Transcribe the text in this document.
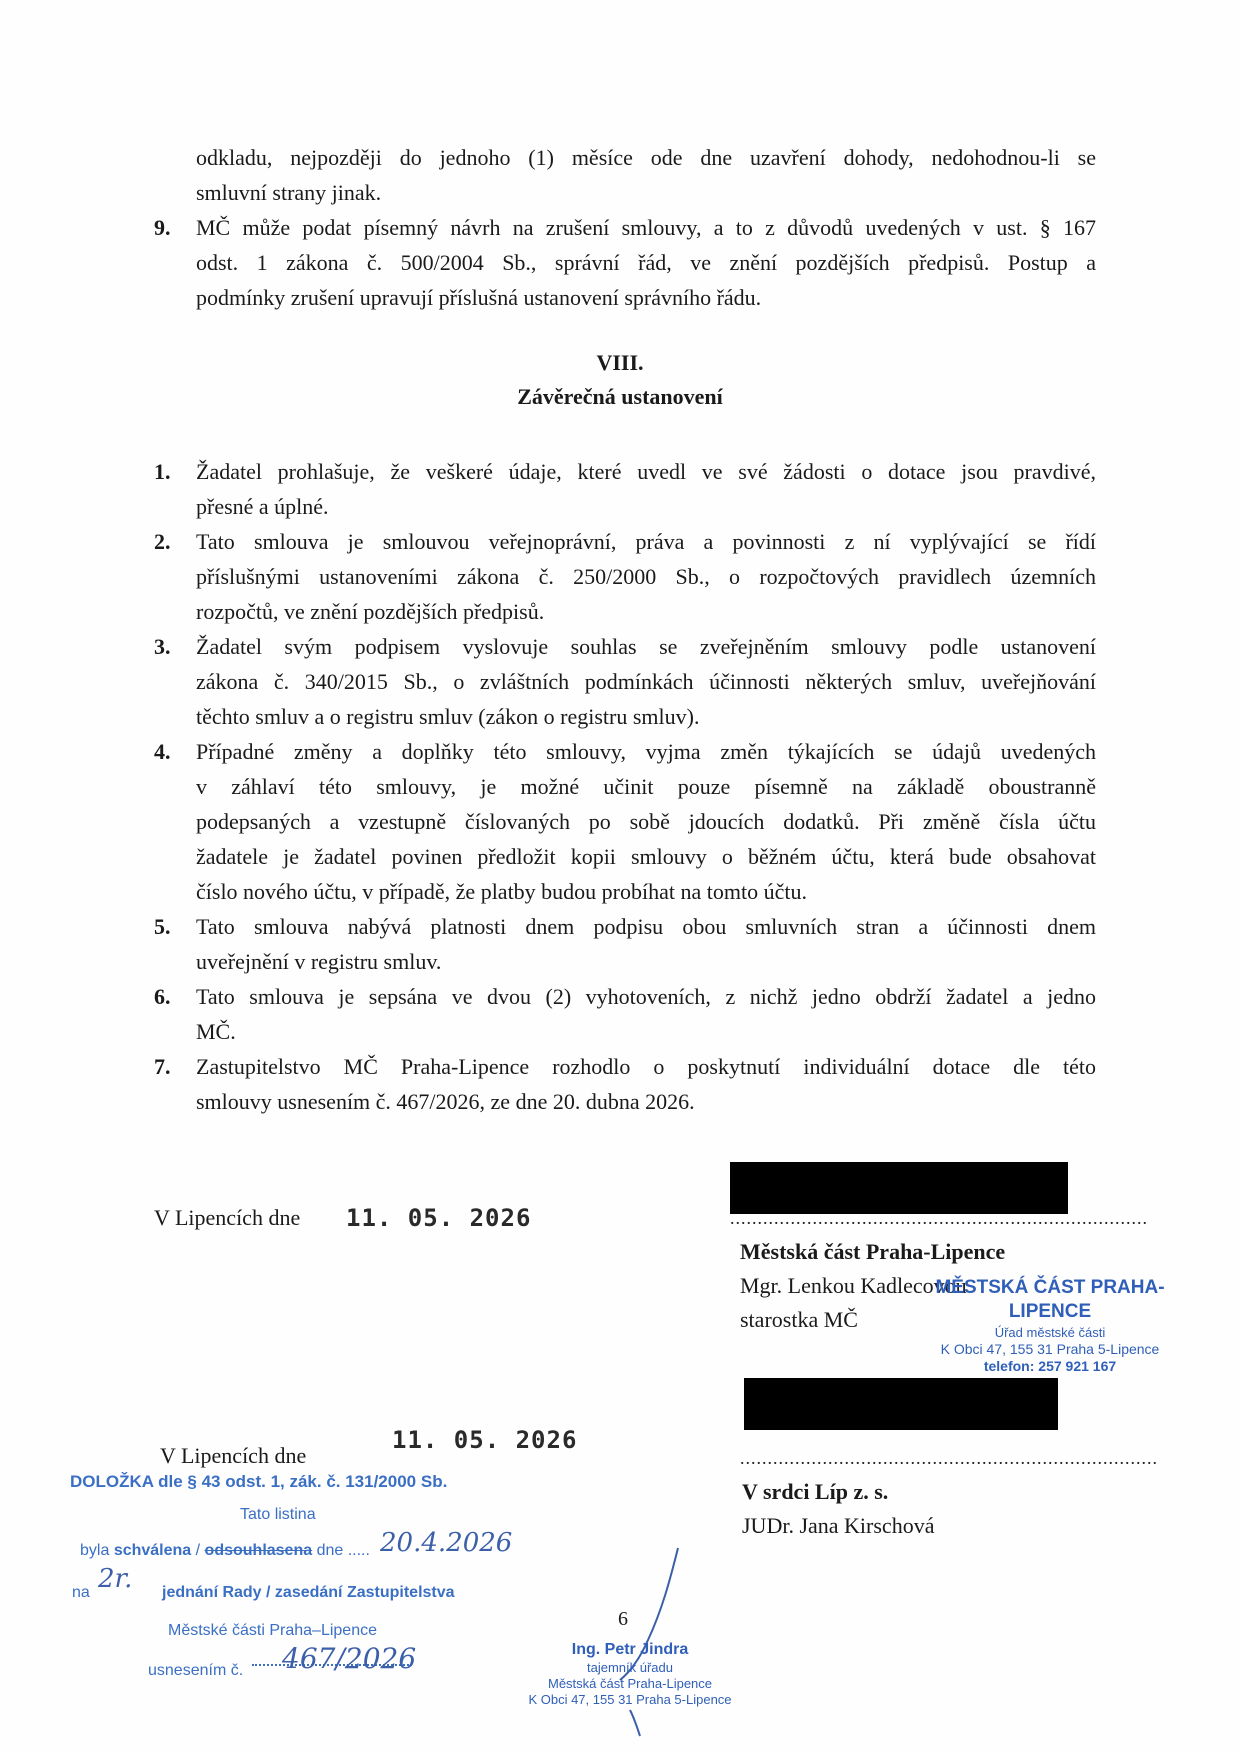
odkladu, nejpozději do jednoho (1) měsíce ode dne uzavření dohody, nedohodnou-li se
smluvní strany jinak.
9. MČ může podat písemný návrh na zrušení smlouvy, a to z důvodů uvedených v ust. § 167
odst. 1 zákona č. 500/2004 Sb., správní řád, ve znění pozdějších předpisů. Postup a
podmínky zrušení upravují příslušná ustanovení správního řádu.
VIII.
Závěrečná ustanovení
1. Žadatel prohlašuje, že veškeré údaje, které uvedl ve své žádosti o dotace jsou pravdivé,
přesné a úplné.
2. Tato smlouva je smlouvou veřejnoprávní, práva a povinnosti z ní vyplývající se řídí
příslušnými ustanoveními zákona č. 250/2000 Sb., o rozpočtových pravidlech územních
rozpočtů, ve znění pozdějších předpisů.
3. Žadatel svým podpisem vyslovuje souhlas se zveřejněním smlouvy podle ustanovení
zákona č. 340/2015 Sb., o zvláštních podmínkách účinnosti některých smluv, uveřejňování
těchto smluv a o registru smluv (zákon o registru smluv).
4. Případné změny a doplňky této smlouvy, vyjma změn týkajících se údajů uvedených
v záhlaví této smlouvy, je možné učinit pouze písemně na základě oboustranně
podepsaných a vzestupně číslovaných po sobě jdoucích dodatků. Při změně čísla účtu
žadatele je žadatel povinen předložit kopii smlouvy o běžném účtu, která bude obsahovat
číslo nového účtu, v případě, že platby budou probíhat na tomto účtu.
5. Tato smlouva nabývá platnosti dnem podpisu obou smluvních stran a účinnosti dnem
uveřejnění v registru smluv.
6. Tato smlouva je sepsána ve dvou (2) vyhotoveních, z nichž jedno obdrží žadatel a jedno
MČ.
7. Zastupitelstvo MČ Praha-Lipence rozhodlo o poskytnutí individuální dotace dle této
smlouvy usnesením č. 467/2026, ze dne 20. dubna 2026.
V Lipencích dne 11. 05. 2026	............................................................................
Městská část Praha-Lipence
Mgr. Lenkou Kadlecovou
starostka MČ
MĚSTSKÁ ČÁST PRAHA-LIPENCE
Úřad městské části
K Obci 47, 155 31 Praha 5-Lipence
telefon: 257 921 167
11. 05. 2026
V Lipencích dne	............................................................................
V srdci Líp z. s.
JUDr. Jana Kirschová
DOLOŽKA dle § 43 odst. 1, zák. č. 131/2000 Sb.
Tato listina
byla schválena / odsouhlasena dne ..... 20.4.2026
na 2r. jednání Rady / zasedání Zastupitelstva
Městské části Praha–Lipence
usnesením č. 467/2026
6
Ing. Petr Jindra
tajemník úřadu
Městská část Praha-Lipence
K Obci 47, 155 31 Praha 5-Lipence
